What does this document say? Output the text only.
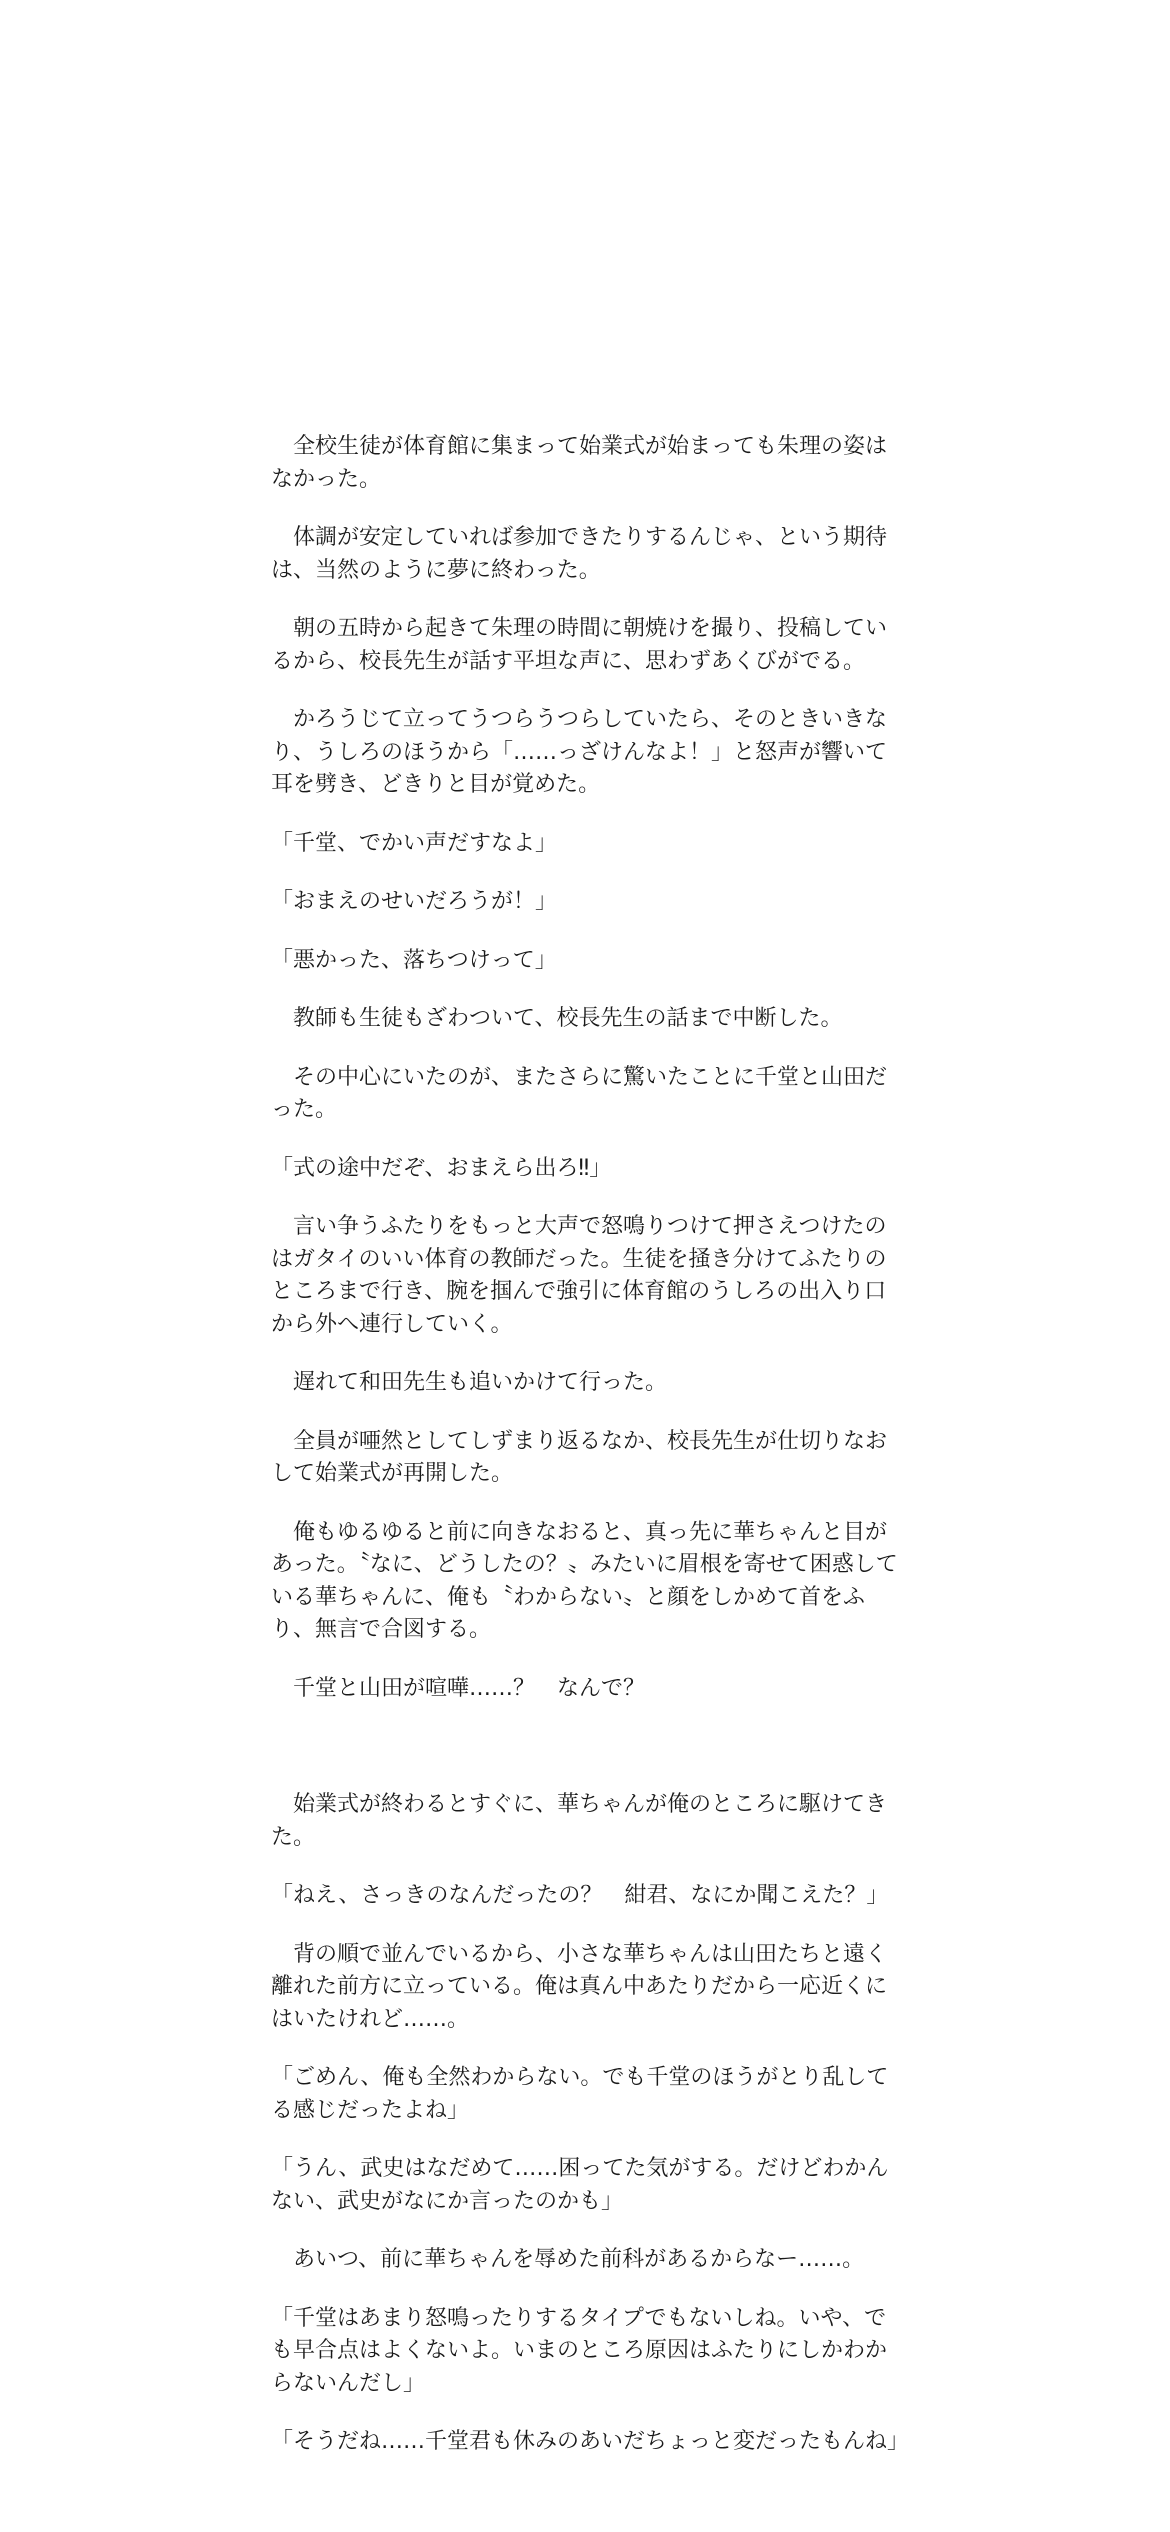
　全校生徒が体育館に集まって始業式が始まっても朱理の姿はなかった。

　体調が安定していれば参加できたりするんじゃ、という期待は、当然のように夢に終わった。

　朝の五時から起きて朱理の時間に朝焼けを撮り、投稿しているから、校長先生が話す平坦な声に、思わずあくびがでる。

　かろうじて立ってうつらうつらしていたら、そのときいきなり、うしろのほうから「……っざけんなよ！」と怒声が響いて耳を劈き、どきりと目が覚めた。

「千堂、でかい声だすなよ」

「おまえのせいだろうが！」

「悪かった、落ちつけって」

　教師も生徒もざわついて、校長先生の話まで中断した。

　その中心にいたのが、またさらに驚いたことに千堂と山田だった。

「式の途中だぞ、おまえら出ろ‼」

　言い争うふたりをもっと大声で怒鳴りつけて押さえつけたのはガタイのいい体育の教師だった。生徒を掻き分けてふたりのところまで行き、腕を掴んで強引に体育館のうしろの出入り口から外へ連行していく。

　遅れて和田先生も追いかけて行った。

　全員が唖然としてしずまり返るなか、校長先生が仕切りなおして始業式が再開した。

　俺もゆるゆると前に向きなおると、真っ先に華ちゃんと目があった。〝なに、どうしたの？〟みたいに眉根を寄せて困惑している華ちゃんに、俺も〝わからない〟と顔をしかめて首をふり、無言で合図する。

　千堂と山田が喧嘩……？　なんで？

　始業式が終わるとすぐに、華ちゃんが俺のところに駆けてきた。

「ねえ、さっきのなんだったの？　紺君、なにか聞こえた？」

　背の順で並んでいるから、小さな華ちゃんは山田たちと遠く離れた前方に立っている。俺は真ん中あたりだから一応近くにはいたけれど……。

「ごめん、俺も全然わからない。でも千堂のほうがとり乱してる感じだったよね」

「うん、武史はなだめて……困ってた気がする。だけどわかんない、武史がなにか言ったのかも」

　あいつ、前に華ちゃんを辱めた前科があるからなー……。

「千堂はあまり怒鳴ったりするタイプでもないしね。いや、でも早合点はよくないよ。いまのところ原因はふたりにしかわからないんだし」

「そうだね……千堂君も休みのあいだちょっと変だったもんね」
